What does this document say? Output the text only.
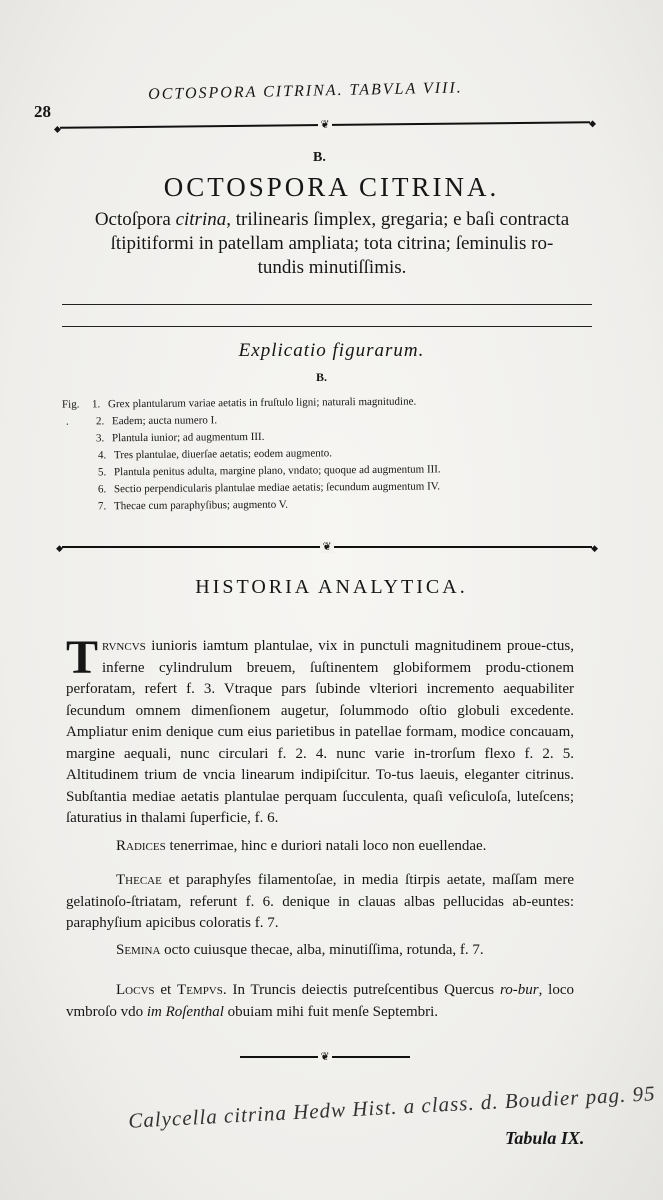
28
OCTOSPORA CITRINA. TABVLA VIII.
◆	❦	◆
B.
OCTOSPORA CITRINA.
Octoſpora citrina, trilinearis ſimplex, gregaria; e baſi contracta
ſtipitiformi in patellam ampliata; tota citrina; ſeminulis ro-
tundis minutiſſimis.
Explicatio figurarum.
B.
Fig. 1. Grex plantularum variae aetatis in fruſtulo ligni; naturali magnitudine.
. 2. Eadem; aucta numero I.
3. Plantula iunior; ad augmentum III.
4. Tres plantulae, diuerſae aetatis; eodem augmento.
5. Plantula penitus adulta, margine plano, vndato; quoque ad augmentum III.
6. Sectio perpendicularis plantulae mediae aetatis; ſecundum augmentum IV.
7. Thecae cum paraphyſibus; augmento V.
◆	❦	◆
HISTORIA ANALYTICA.
Trvncvs iunioris iamtum plantulae, vix in punctuli magnitudinem proue-ctus, inferne cylindrulum breuem, ſuſtinentem globiformem produ-ctionem perforatam, refert f. 3. Vtraque pars ſubinde vlteriori incremento aequabiliter ſecundum omnem dimenſionem augetur, ſolummodo oſtio globuli excedente. Ampliatur enim denique cum eius parietibus in patellae formam, modice concauam, margine aequali, nunc circulari f. 2. 4. nunc varie in-trorſum flexo f. 2. 5. Altitudinem trium de vncia linearum indipiſcitur. To-tus laeuis, eleganter citrinus. Subſtantia mediae aetatis plantulae perquam ſucculenta, quaſi veſiculoſa, luteſcens; ſaturatius in thalami ſuperficie, f. 6.
Radices tenerrimae, hinc e duriori natali loco non euellendae.
Thecae et paraphyſes filamentoſae, in media ſtirpis aetate, maſſam mere gelatinoſo-ſtriatam, referunt f. 6. denique in clauas albas pellucidas ab-euntes: paraphyſium apicibus coloratis f. 7.
Semina octo cuiusque thecae, alba, minutiſſima, rotunda, f. 7.
Locvs et Tempvs. In Truncis deiectis putreſcentibus Quercus ro-bur, loco vmbroſo vdo im Roſenthal obuiam mihi fuit menſe Septembri.
❦
Calycella citrina Hedw Hist. a class. d. Boudier pag. 95
Tabula IX.
